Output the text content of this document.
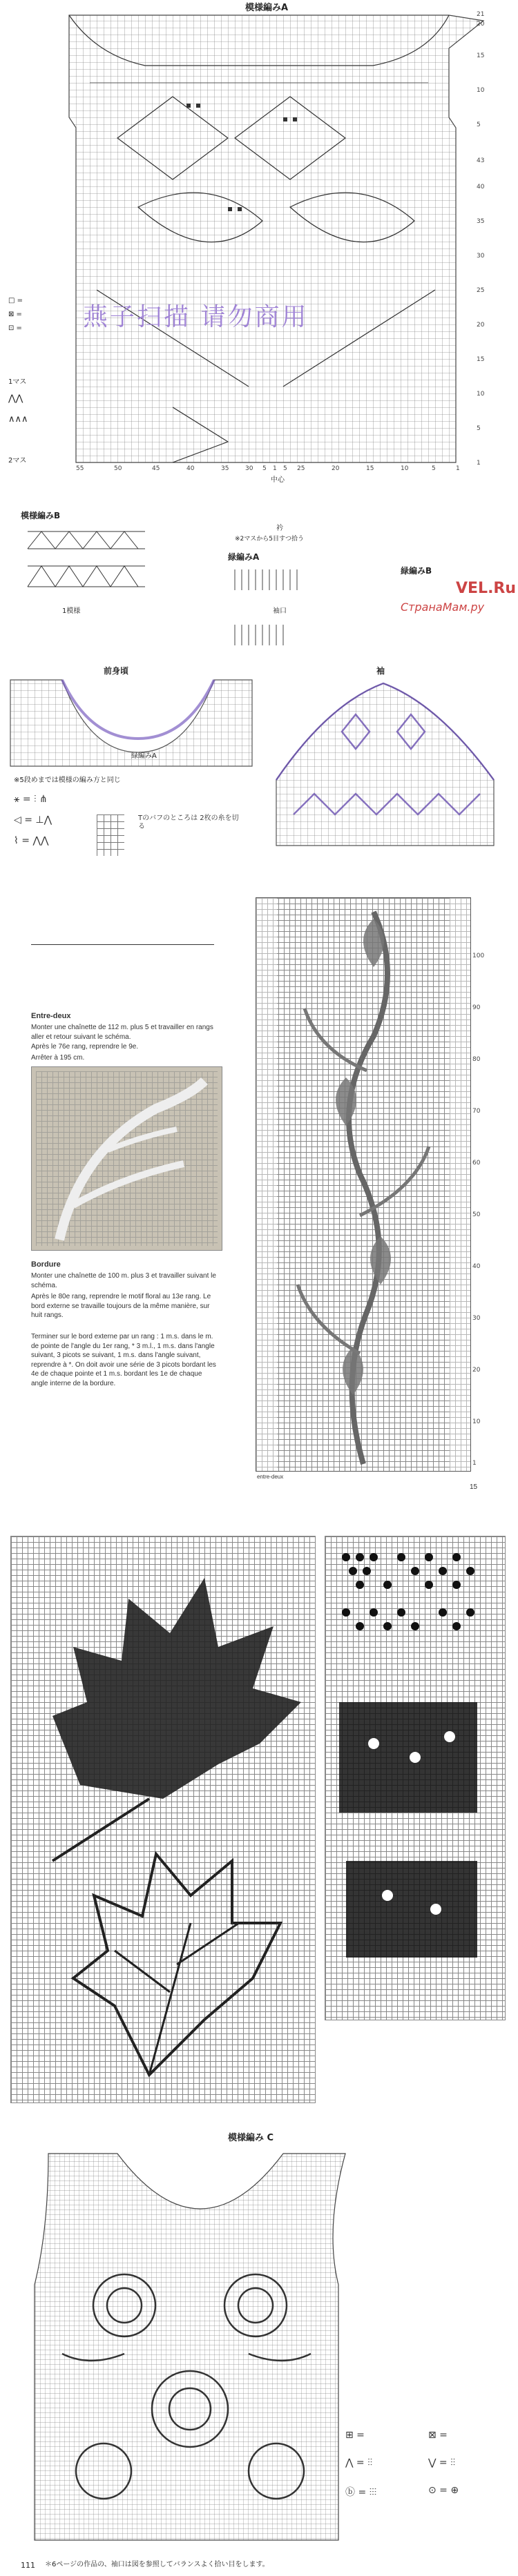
模様編みA
燕子扫描 请勿商用
21
20
15
10
5
43
40
35
30
25
20
15
10
5
1
55	50	45	40	35	30 5 1 5 25	20	15	10	5	1
中心
□ =
⊠ =
⊡ =
1マス
⋀⋀
∧∧∧
2マス
模様編みB
1模様
緑編みA
衿
※2マスから5目すつ拾う
袖口
緑編みB
СтранаМам.ру
VEL.Ru
前身頃
緑編みA
※5段めまでは模様の編み方と同じ
袖
⚹ = ⫶ ⋔
◁ = ⊥⋀
⌇ = ⋀⋀
Tのバフのところは 2枚の糸を切る
Entre-deux
Monter une chaînette de 112 m. plus 5 et travailler en rangs aller et retour suivant le schéma.
Après le 76e rang, reprendre le 9e.
Arrêter à 195 cm.
Bordure
Monter une chaînette de 100 m. plus 3 et travailler suivant le schéma.
Après le 80e rang, reprendre le motif floral au 13e rang. Le bord externe se travaille toujours de la même manière, sur huit rangs.
Terminer sur le bord externe par un rang : 1 m.s. dans le m. de pointe de l'angle du 1er rang, * 3 m.l., 1 m.s. dans l'angle suivant, 3 picots se suivant, 1 m.s. dans l'angle suivant, reprendre à *. On doit avoir une série de 3 picots bordant les 4e de chaque pointe et 1 m.s. bordant les 1e de chaque angle interne de la bordure.
100
90
80
70
60
50
40
30
20
10
1
entre-deux
15
模様編み C
⊞ =	⊠ =
⋀ = ⫶⫶	⋁ = ⫶⫶
ⓑ = ⫶⫶⫶	⊙ = ⊕
111 ＊6ページの作品の、袖口は図を参照してバランスよく拾い目をします。
